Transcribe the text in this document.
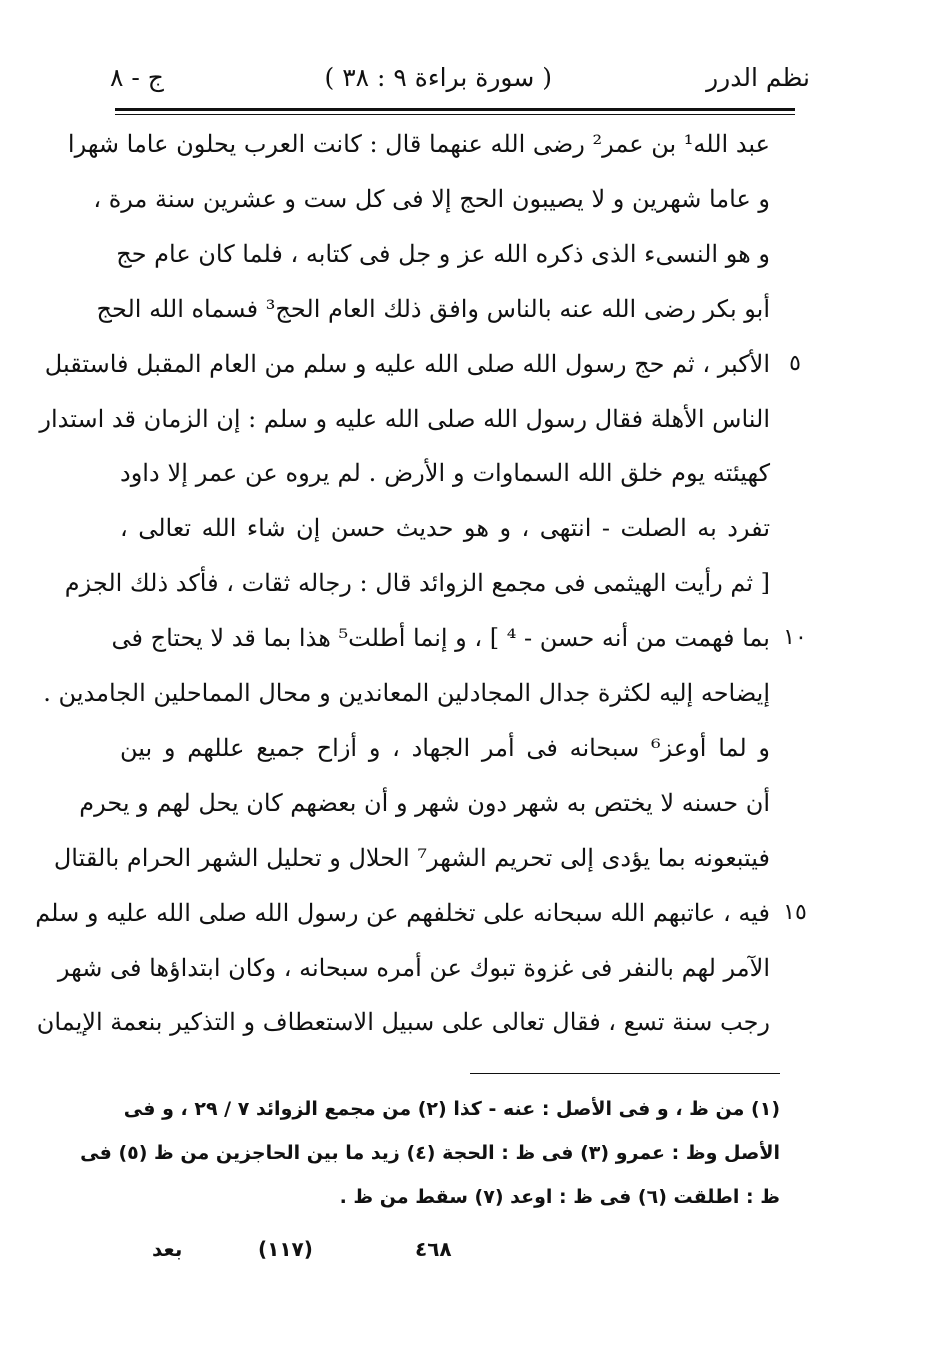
نظم الدرر
( سورة براءة ٩ : ٣٨ )
ج - ٨
عبد الله¹ بن عمر² رضى الله عنهما قال : كانت العرب يحلون عاما شهرا
و عاما شهرين و لا يصيبون الحج إلا فى كل ست و عشرين سنة مرة ،
و هو النسىء الذى ذكره الله عز و جل فى كتابه ، فلما كان عام حج
أبو بكر رضى الله عنه بالناس وافق ذلك العام الحج³ فسماه الله الحج
الأكبر ، ثم حج رسول الله صلى الله عليه و سلم من العام المقبل فاستقبل
الناس الأهلة فقال رسول الله صلى الله عليه و سلم : إن الزمان قد استدار
كهيئته يوم خلق الله السماوات و الأرض . لم يروه عن عمر إلا داود
تفرد به الصلت - انتهى ، و هو حديث حسن إن شاء الله تعالى ،
[ ثم رأيت الهيثمى فى مجمع الزوائد قال : رجاله ثقات ، فأكد ذلك الجزم
بما فهمت من أنه حسن - ⁴ ] ، و إنما أطلت⁵ هذا بما قد لا يحتاج فى
إيضاحه إليه لكثرة جدال المجادلين المعاندين و محال المماحلين الجامدين .
و لما أوعز⁶ سبحانه فى أمر الجهاد ، و أزاح جميع عللهم و بين
أن حسنه لا يختص به شهر دون شهر و أن بعضهم كان يحل لهم و يحرم
فيتبعونه بما يؤدى إلى تحريم الشهر⁷ الحلال و تحليل الشهر الحرام بالقتال
فيه ، عاتبهم الله سبحانه على تخلفهم عن رسول الله صلى الله عليه و سلم
الآمر لهم بالنفر فى غزوة تبوك عن أمره سبحانه ، وكان ابتداؤها فى شهر
رجب سنة تسع ، فقال تعالى على سبيل الاستعطاف و التذكير بنعمة الإيمان
٥
١٠
١٥
(١) من ظ ، و فى الأصل : عنه - كذا (٢) من مجمع الزوائد ٧ / ٢٩ ، و فى
الأصل وظ : عمرو (٣) فى ظ : الحجة (٤) زيد ما بين الحاجزين من ظ (٥) فى
ظ : اطلقت (٦) فى ظ : اوعد (٧) سقط من ظ .
٤٦٨
(١١٧)
بعد
